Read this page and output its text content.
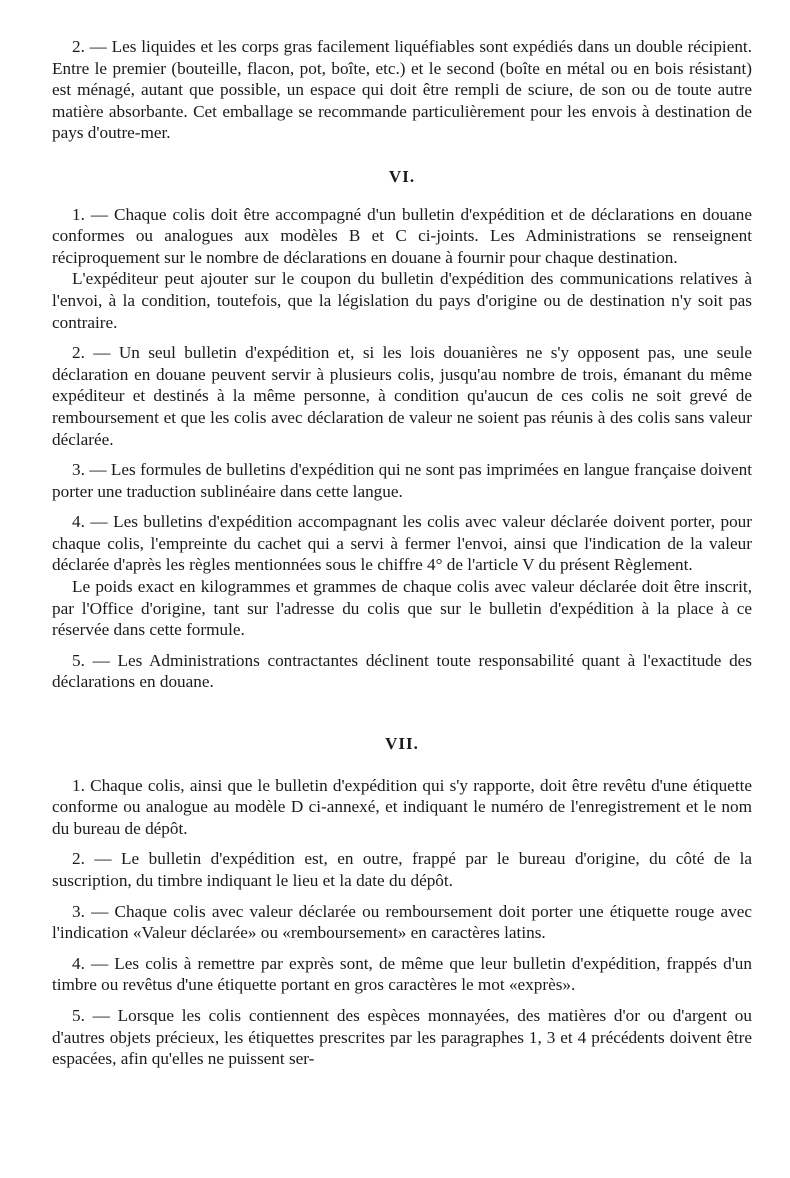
2. — Les liquides et les corps gras facilement liquéfiables sont expédiés dans un double récipient. Entre le premier (bouteille, flacon, pot, boîte, etc.) et le second (boîte en métal ou en bois résistant) est ménagé, autant que possible, un espace qui doit être rempli de sciure, de son ou de toute autre matière absorbante. Cet emballage se recommande particulièrement pour les envois à destination de pays d'outre-mer.

VI.

1. — Chaque colis doit être accompagné d'un bulletin d'expédition et de déclarations en douane conformes ou analogues aux modèles B et C ci-joints. Les Administrations se renseignent réciproquement sur le nombre de déclarations en douane à fournir pour chaque destination.

L'expéditeur peut ajouter sur le coupon du bulletin d'expédition des communications relatives à l'envoi, à la condition, toutefois, que la législation du pays d'origine ou de destination n'y soit pas contraire.

2. — Un seul bulletin d'expédition et, si les lois douanières ne s'y opposent pas, une seule déclaration en douane peuvent servir à plusieurs colis, jusqu'au nombre de trois, émanant du même expéditeur et destinés à la même personne, à condition qu'aucun de ces colis ne soit grevé de remboursement et que les colis avec déclaration de valeur ne soient pas réunis à des colis sans valeur déclarée.

3. — Les formules de bulletins d'expédition qui ne sont pas imprimées en langue française doivent porter une traduction sublinéaire dans cette langue.

4. — Les bulletins d'expédition accompagnant les colis avec valeur déclarée doivent porter, pour chaque colis, l'empreinte du cachet qui a servi à fermer l'envoi, ainsi que l'indication de la valeur déclarée d'après les règles mentionnées sous le chiffre 4° de l'article V du présent Règlement.

Le poids exact en kilogrammes et grammes de chaque colis avec valeur déclarée doit être inscrit, par l'Office d'origine, tant sur l'adresse du colis que sur le bulletin d'expédition à la place à ce réservée dans cette formule.

5. — Les Administrations contractantes déclinent toute responsabilité quant à l'exactitude des déclarations en douane.

VII.

1. Chaque colis, ainsi que le bulletin d'expédition qui s'y rapporte, doit être revêtu d'une étiquette conforme ou analogue au modèle D ci-annexé, et indiquant le numéro de l'enregistrement et le nom du bureau de dépôt.

2. — Le bulletin d'expédition est, en outre, frappé par le bureau d'origine, du côté de la suscription, du timbre indiquant le lieu et la date du dépôt.

3. — Chaque colis avec valeur déclarée ou remboursement doit porter une étiquette rouge avec l'indication «Valeur déclarée» ou «remboursement» en caractères latins.

4. — Les colis à remettre par exprès sont, de même que leur bulletin d'expédition, frappés d'un timbre ou revêtus d'une étiquette portant en gros caractères le mot «exprès».

5. — Lorsque les colis contiennent des espèces monnayées, des matières d'or ou d'argent ou d'autres objets précieux, les étiquettes prescrites par les paragraphes 1, 3 et 4 précédents doivent être espacées, afin qu'elles ne puissent ser-
